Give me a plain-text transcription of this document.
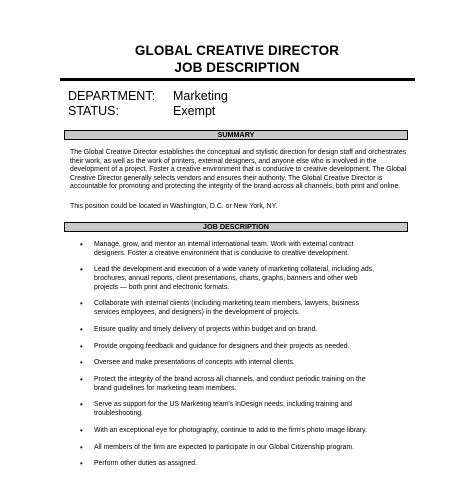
GLOBAL CREATIVE DIRECTOR
JOB DESCRIPTION
DEPARTMENT: Marketing
STATUS:	Exempt
SUMMARY
The Global Creative Director establishes the conceptual and stylistic direction for design staff and orchestrates their work, as well as the work of printers, external designers, and anyone else who is involved in the development of a project. Foster a creative environment that is conducive to creative development. The Global Creative Director generally selects vendors and ensures their authority. The Global Creative Director is accountable for promoting and protecting the integrity of the brand across all channels, both print and online.
This position could be located in Washington, D.C. or New York, NY.
JOB DESCRIPTION
• Manage, grow, and mentor an internal international team. Work with external contract
designers. Foster a creative environment that is conducive to creative development.
• Lead the development and execution of a wide variety of marketing collateral, including ads,
brochures, annual reports, client presentations, charts, graphs, banners and other web
projects — both print and electronic formats.
• Collaborate with internal clients (including marketing team members, lawyers, business
services employees, and designers) in the development of projects.
• Ensure quality and timely delivery of projects within budget and on brand.
• Provide ongoing feedback and guidance for designers and their projects as needed.
• Oversee and make presentations of concepts with internal clients.
• Protect the integrity of the brand across all channels, and conduct periodic training on the
brand guidelines for marketing team members.
• Serve as support for the US Marketing team's InDesign needs, including training and
troubleshooting.
• With an exceptional eye for photography, continue to add to the firm's photo image library.
• All members of the firm are expected to participate in our Global Citizenship program.
• Perform other duties as assigned.
